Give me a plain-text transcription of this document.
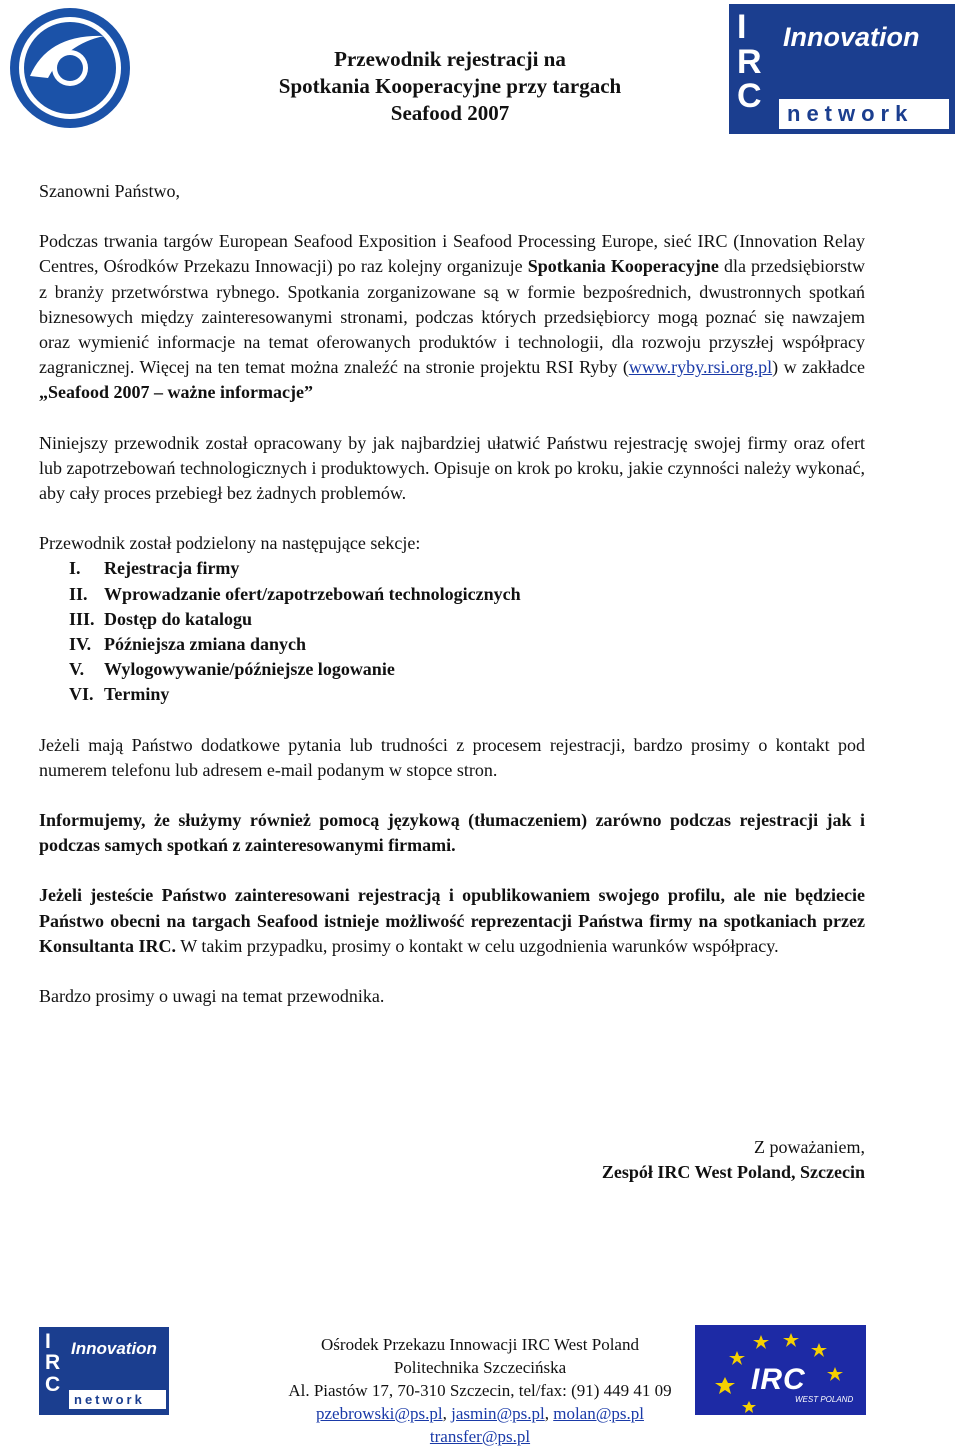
I
R
C
Innovation
network
Przewodnik rejestracji na
Spotkania Kooperacyjne przy targach
Seafood 2007

Szanowni Państwo,

Podczas trwania targów European Seafood Exposition i Seafood Processing Europe, sieć IRC (Innovation Relay Centres, Ośrodków Przekazu Innowacji) po raz kolejny organizuje Spotkania Kooperacyjne dla przedsiębiorstw z branży przetwórstwa rybnego. Spotkania zorganizowane są w formie bezpośrednich, dwustronnych spotkań biznesowych między zainteresowanymi stronami, podczas których przedsiębiorcy mogą poznać się nawzajem oraz wymienić informacje na temat oferowanych produktów i technologii, dla rozwoju przyszłej współpracy zagranicznej. Więcej na ten temat można znaleźć na stronie projektu RSI Ryby (www.ryby.rsi.org.pl) w zakładce „Seafood 2007 – ważne informacje”

Niniejszy przewodnik został opracowany by jak najbardziej ułatwić Państwu rejestrację swojej firmy oraz ofert lub zapotrzebowań technologicznych i produktowych. Opisuje on krok po kroku, jakie czynności należy wykonać, aby cały proces przebiegł bez żadnych problemów.

Przewodnik został podzielony na następujące sekcje:

I.	Rejestracja firmy
II. Wprowadzanie ofert/zapotrzebowań technologicznych
III. Dostęp do katalogu
IV. Późniejsza zmiana danych
V.	Wylogowywanie/późniejsze logowanie
VI. Terminy

Jeżeli mają Państwo dodatkowe pytania lub trudności z procesem rejestracji, bardzo prosimy o kontakt pod numerem telefonu lub adresem e-mail podanym w stopce stron.

Informujemy, że służymy również pomocą językową (tłumaczeniem) zarówno podczas rejestracji jak i podczas samych spotkań z zainteresowanymi firmami.

Jeżeli jesteście Państwo zainteresowani rejestracją i opublikowaniem swojego profilu, ale nie będziecie Państwo obecni na targach Seafood istnieje możliwość reprezentacji Państwa firmy na spotkaniach przez Konsultanta IRC. W takim przypadku, prosimy o kontakt w celu uzgodnienia warunków współpracy.

Bardzo prosimy o uwagi na temat przewodnika.

Z poważaniem,
Zespół IRC West Poland, Szczecin
I
R
C
Innovation
network
Ośrodek Przekazu Innowacji IRC West Poland
Politechnika Szczecińska
Al. Piastów 17, 70-310 Szczecin, tel/fax: (91) 449 41 09
pzebrowski@ps.pl, jasmin@ps.pl, molan@ps.pl
transfer@ps.pl
IRC
WEST POLAND
